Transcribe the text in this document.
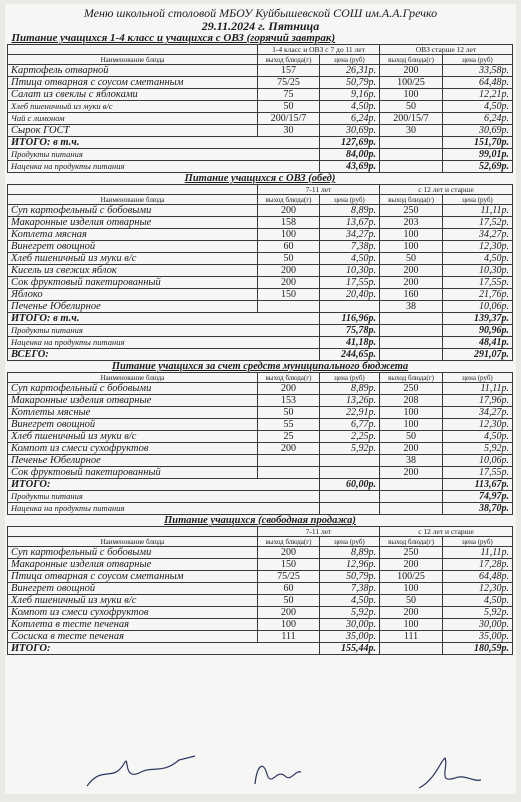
Меню школьной столовой МБОУ Куйбышевской СОШ им.А.А.Гречко
29.11.2024 г. Пятница
Питание учащихся 1-4 класс и учащихся с ОВЗ (горячий завтрак)				
	1-4 класс и ОВЗ с 7 до 11 лет		ОВЗ старше 12 лет	
Наименование блюда	выход блюда(г)	цена (руб)	выход блюда(г)	цена (руб)
Картофель отварной	157	26,31р.	200	33,58р.
Птица отварная с соусом сметанным	75/25	50,79р.	100/25	64,48р.
Салат из свеклы с яблоками	75	9,16р.	100	12,21р.
Хлеб пшеничный из муки в/с	50	4,50р.	50	4,50р.
Чай с лимоном	200/15/7	6,24р.	200/15/7	6,24р.
Сырок ГОСТ	30	30,69р.	30	30,69р.
ИТОГО: в т.ч.		127,69р.		151,70р.
Продукты питания		84,00р.		99,01р.
Наценка на продукты питания		43,69р.		52,69р.
Питание учащихся с ОВЗ (обед)				
	7-11 лет		с 12 лет и старше	
Наименование блюда	выход блюда(г)	цена (руб)	выход блюда(г)	цена (руб)
Суп картофельный с бобовыми	200	8,89р.	250	11,11р.
Макаронные изделия отварные	158	13,67р.	203	17,52р.
Котлета мясная	100	34,27р.	100	34,27р.
Винегрет овощной	60	7,38р.	100	12,30р.
Хлеб пшеничный из муки в/с	50	4,50р.	50	4,50р.
Кисель из свежих яблок	200	10,30р.	200	10,30р.
Сок фруктовый пакетированный	200	17,55р.	200	17,55р.
Яблоко	150	20,40р.	160	21,76р.
Печенье Юбелирное			38	10,06р.
ИТОГО: в т.ч.		116,96р.		139,37р.
Продукты питания		75,78р.		90,96р.
Наценка на продукты питания		41,18р.		48,41р.
ВСЕГО:		244,65р.		291,07р.
Питание учащихся за счет средств муниципального бюджета				
Наименование блюда	выход блюда(г)	цена (руб)	выход блюда(г)	цена (руб)
Суп картофельный с бобовыми	200	8,89р.	250	11,11р.
Макаронные изделия отварные	153	13,26р.	208	17,96р.
Котлеты мясные	50	22,91р.	100	34,27р.
Винегрет овощной	55	6,77р.	100	12,30р.
Хлеб пшеничный из муки в/с	25	2,25р.	50	4,50р.
Компот из смеси сухофруктов	200	5,92р.	200	5,92р.
Печенье Юбелирное			38	10,06р.
Сок фруктовый пакетированный			200	17,55р.
ИТОГО:		60,00р.		113,67р.
Продукты питания				74,97р.
Наценка на продукты питания				38,70р.
Питание учащихся (свободная продажа)				
	7-11 лет		с 12 лет и старше	
Наименование блюда	выход блюда(г)	цена (руб)	выход блюда(г)	цена (руб)
Суп картофельный с бобовыми	200	8,89р.	250	11,11р.
Макаронные изделия отварные	150	12,96р.	200	17,28р.
Птица отварная с соусом сметанным	75/25	50,79р.	100/25	64,48р.
Винегрет овощной	60	7,38р.	100	12,30р.
Хлеб пшеничный из муки в/с	50	4,50р.	50	4,50р.
Компот из смеси сухофруктов	200	5,92р.	200	5,92р.
Котлета в тесте печеная	100	30,00р.	100	30,00р.
Сосиска в тесте печеная	111	35,00р.	111	35,00р.
ИТОГО:		155,44р.		180,59р.
